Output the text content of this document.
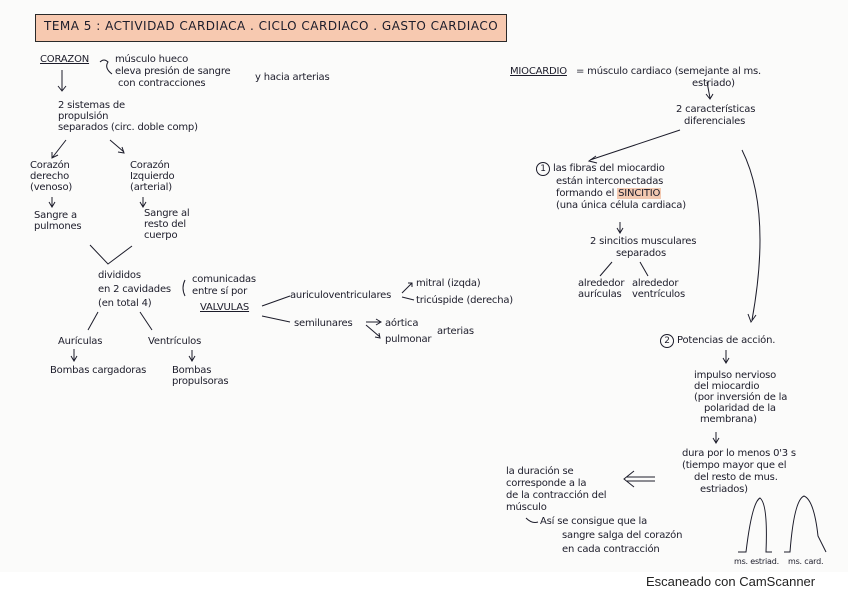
TEMA 5 : ACTIVIDAD CARDIACA . CICLO CARDIACO . GASTO CARDIACO
CORAZON	músculo hueco
eleva presión de sangre
con contracciones
y hacia arterias
2 sistemas de
propulsión
separados (circ. doble comp)
Corazón
derecho
(venoso)
Sangre a
pulmones
Corazón
Izquierdo
(arterial)
Sangre al
resto del
cuerpo
divididos
en 2 cavidades
(en total 4)
comunicadas
entre sí por
VALVULAS
auriculoventriculares
mitral (izqda)
tricúspide (derecha)
semilunares	aórtica
pulmonar
arterias
Aurículas
Bombas cargadoras
Ventrículos
Bombas
propulsoras
MIOCARDIO = músculo cardiaco (semejante al ms.
estriado)
2 características
diferenciales
1 las fibras del miocardio
están interconectadas
formando el SINCITIO
(una única célula cardiaca)
2 sincitios musculares
separados
alrededor
aurículas
alrededor
ventrículos
2 Potencias de acción.
impulso nervioso
del miocardio
(por inversión de la
polaridad de la
membrana)
dura por lo menos 0'3 s
(tiempo mayor que el
del resto de mus.
estriados)
la duración se
corresponde a la
de la contracción del
músculo
Así se consigue que la
sangre salga del corazón
en cada contracción
ms. estriad. ms. card.
Escaneado con CamScanner
